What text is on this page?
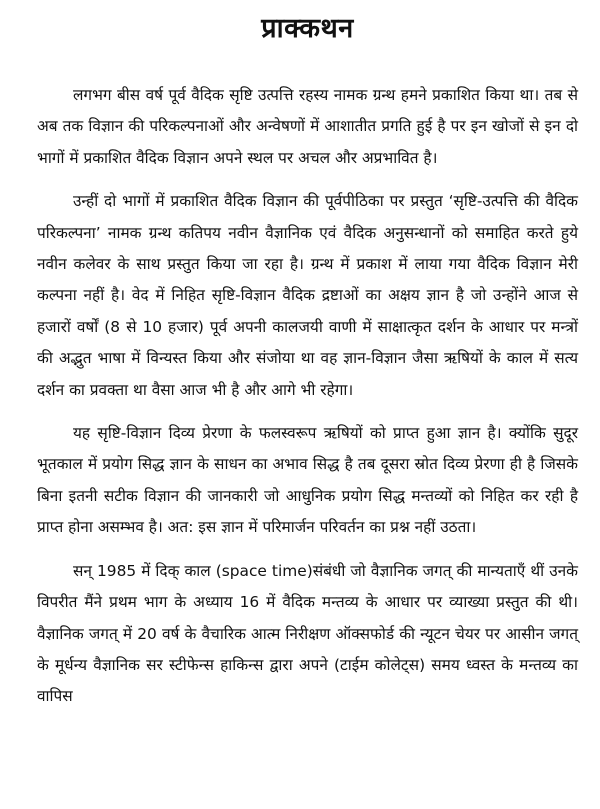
प्राक्कथन

लगभग बीस वर्ष पूर्व वैदिक सृष्टि उत्पत्ति रहस्य नामक ग्रन्थ हमने प्रकाशित किया था। तब से अब तक विज्ञान की परिकल्पनाओं और अन्वेषणों में आशातीत प्रगति हुई है पर इन खोजों से इन दो भागों में प्रकाशित वैदिक विज्ञान अपने स्थल पर अचल और अप्रभावित है।

उन्हीं दो भागों में प्रकाशित वैदिक विज्ञान की पूर्वपीठिका पर प्रस्तुत ‘सृष्टि-उत्पत्ति की वैदिक परिकल्पना’ नामक ग्रन्थ कतिपय नवीन वैज्ञानिक एवं वैदिक अनुसन्धानों को समाहित करते हुये नवीन कलेवर के साथ प्रस्तुत किया जा रहा है। ग्रन्थ में प्रकाश में लाया गया वैदिक विज्ञान मेरी कल्पना नहीं है। वेद में निहित सृष्टि-विज्ञान वैदिक द्रष्टाओं का अक्षय ज्ञान है जो उन्होंने आज से हजारों वर्षों (8 से 10 हजार) पूर्व अपनी कालजयी वाणी में साक्षात्कृत दर्शन के आधार पर मन्त्रों की अद्भुत भाषा में विन्यस्त किया और संजोया था वह ज्ञान-विज्ञान जैसा ऋषियों के काल में सत्य दर्शन का प्रवक्ता था वैसा आज भी है और आगे भी रहेगा।

यह सृष्टि-विज्ञान दिव्य प्रेरणा के फलस्वरूप ऋषियों को प्राप्त हुआ ज्ञान है। क्योंकि सुदूर भूतकाल में प्रयोग सिद्ध ज्ञान के साधन का अभाव सिद्ध है तब दूसरा स्रोत दिव्य प्रेरणा ही है जिसके बिना इतनी सटीक विज्ञान की जानकारी जो आधुनिक प्रयोग सिद्ध मन्तव्यों को निहित कर रही है प्राप्त होना असम्भव है। अत: इस ज्ञान में परिमार्जन परिवर्तन का प्रश्न नहीं उठता।

सन् 1985 में दिक् काल (space time)संबंधी जो वैज्ञानिक जगत् की मान्यताएँ थीं उनके विपरीत मैंने प्रथम भाग के अध्याय 16 में वैदिक मन्तव्य के आधार पर व्याख्या प्रस्तुत की थी। वैज्ञानिक जगत् में 20 वर्ष के वैचारिक आत्म निरीक्षण ऑक्सफोर्ड की न्यूटन चेयर पर आसीन जगत् के मूर्धन्य वैज्ञानिक सर स्टीफेन्स हाकिन्स द्वारा अपने (टाईम कोलेट्स) समय ध्वस्त के मन्तव्य का वापिस
